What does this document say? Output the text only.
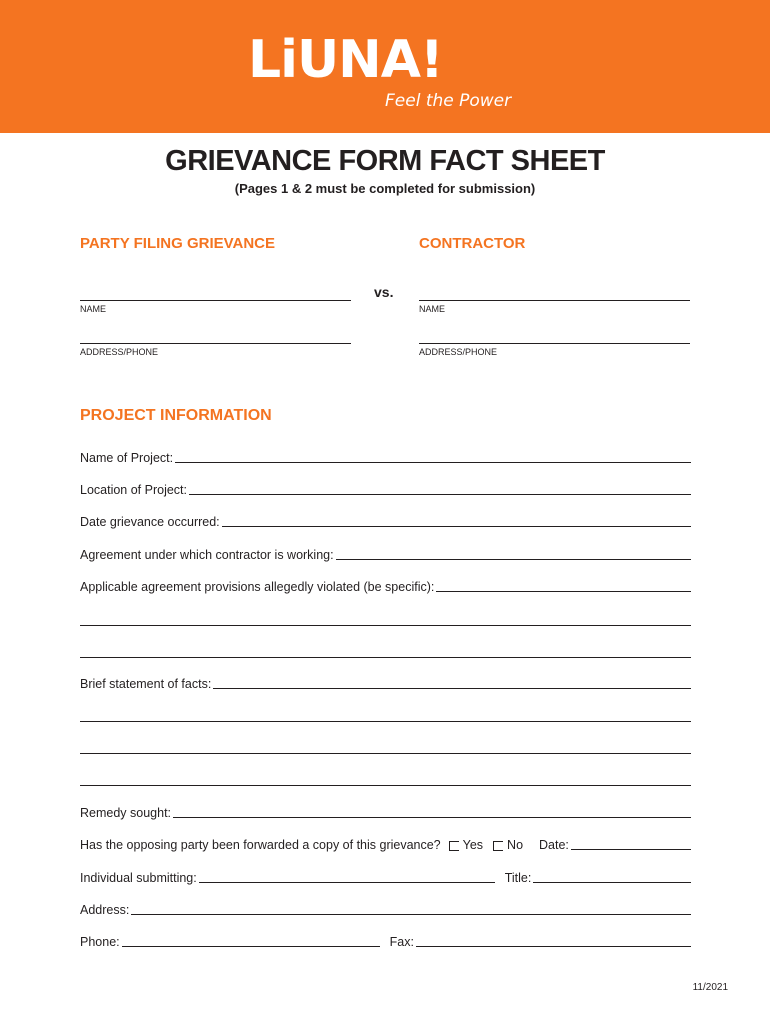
LiUNA!
Feel the Power
GRIEVANCE FORM FACT SHEET
(Pages 1 & 2 must be completed for submission)
PARTY FILING GRIEVANCE
NAME
ADDRESS/PHONE
vs.
CONTRACTOR
NAME
ADDRESS/PHONE
PROJECT INFORMATION
Name of Project:
Location of Project:
Date grievance occurred:
Agreement under which contractor is working:
Applicable agreement provisions allegedly violated (be specific):
Brief statement of facts:
Remedy sought:
Has the opposing party been forwarded a copy of this grievance? Yes	No	Date:
Individual submitting:	Title:
Address:
Phone:	Fax:
11/2021
